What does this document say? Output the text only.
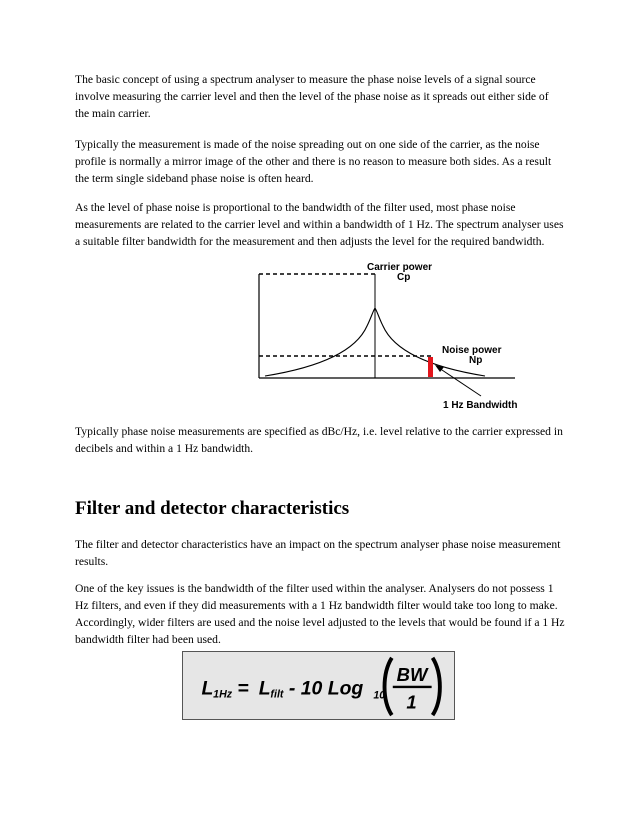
The basic concept of using a spectrum analyser to measure the phase noise levels of a signal source involve measuring the carrier level and then the level of the phase noise as it spreads out either side of the main carrier.

Typically the measurement is made of the noise spreading out on one side of the carrier, as the noise profile is normally a mirror image of the other and there is no reason to measure both sides. As a result the term single sideband phase noise is often heard.

As the level of phase noise is proportional to the bandwidth of the filter used, most phase noise measurements are related to the carrier level and within a bandwidth of 1 Hz. The spectrum analyser uses a suitable filter bandwidth for the measurement and then adjusts the level for the required bandwidth.

Carrier power
Cp
Noise power
Np
1 Hz Bandwidth

Typically phase noise measurements are specified as dBc/Hz, i.e. level relative to the carrier expressed in decibels and within a 1 Hz bandwidth.

Filter and detector characteristics

The filter and detector characteristics have an impact on the spectrum analyser phase noise measurement results.

One of the key issues is the bandwidth of the filter used within the analyser. Analysers do not possess 1 Hz filters, and even if they did measurements with a 1 Hz bandwidth filter would take too long to make. Accordingly, wider filters are used and the noise level adjusted to the levels that would be found if a 1 Hz bandwidth filter had been used.

L 1Hz = L filt - 10 Log 10
BW
1
